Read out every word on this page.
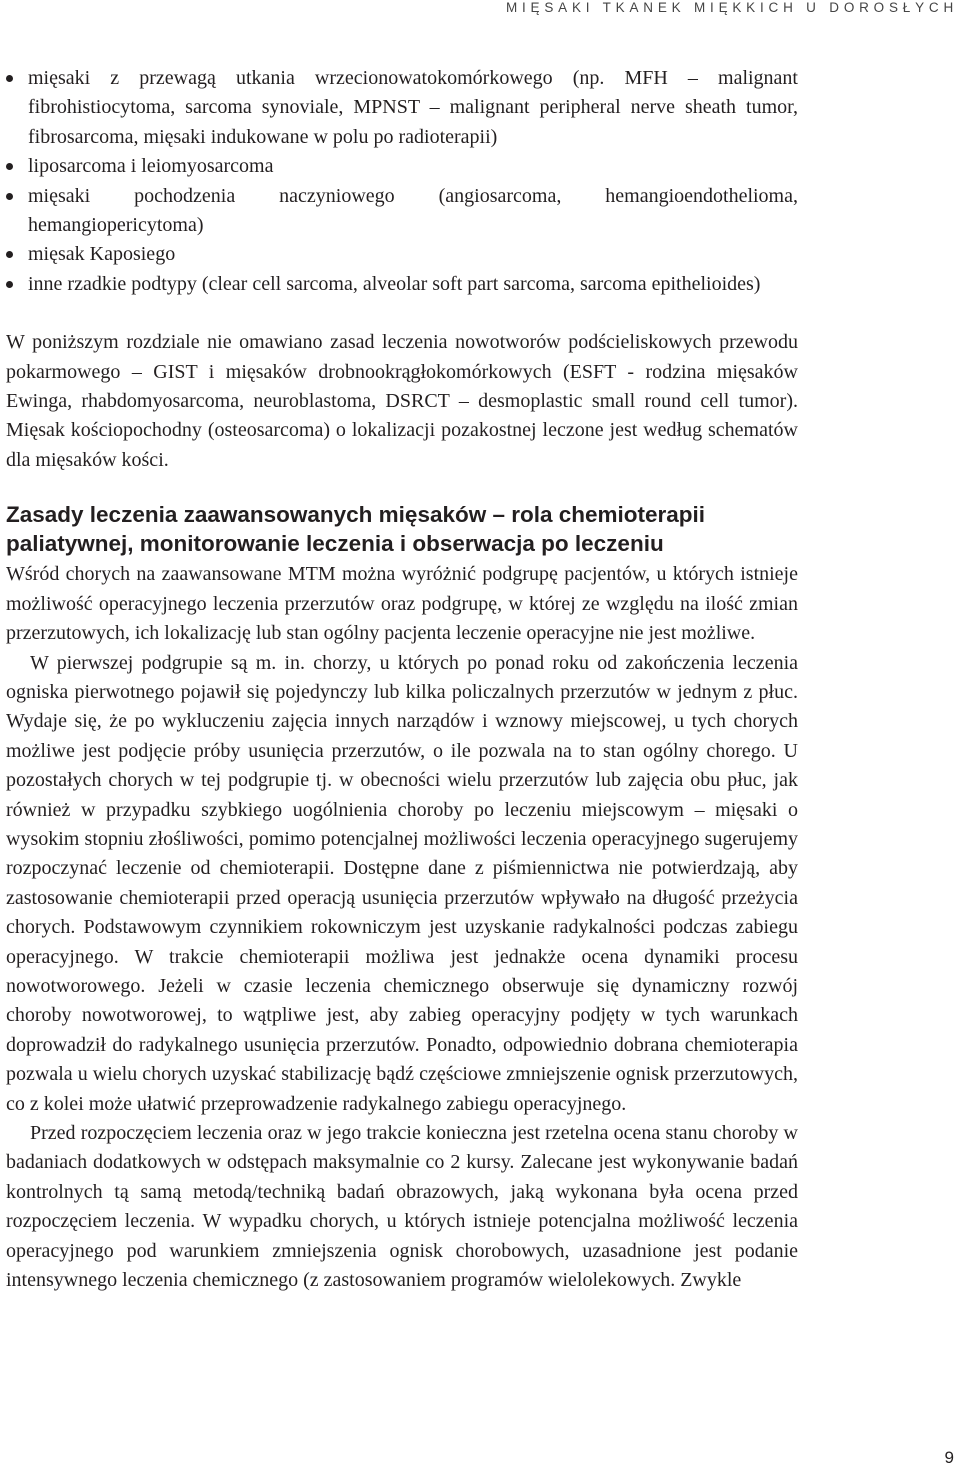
MIĘSAKI TKANEK MIĘKKICH U DOROSŁYCH
mięsaki z przewagą utkania wrzecionowatokomórkowego (np. MFH – malignant fibrohistiocytoma, sarcoma synoviale, MPNST – malignant peripheral nerve sheath tumor, fibrosarcoma, mięsaki indukowane w polu po radioterapii)
liposarcoma i leiomyosarcoma
mięsaki pochodzenia naczyniowego (angiosarcoma, hemangioendothelioma, hemangiopericytoma)
mięsak Kaposiego
inne rzadkie podtypy (clear cell sarcoma, alveolar soft part sarcoma, sarcoma epithelioides)

W poniższym rozdziale nie omawiano zasad leczenia nowotworów podścieliskowych przewodu pokarmowego – GIST i mięsaków drobnookrągłokomórkowych (ESFT - rodzina mięsaków Ewinga, rhabdomyosarcoma, neuroblastoma, DSRCT – desmoplastic small round cell tumor). Mięsak kościopochodny (osteosarcoma) o lokalizacji pozakostnej leczone jest według schematów dla mięsaków kości.

Zasady leczenia zaawansowanych mięsaków – rola chemioterapii paliatywnej, monitorowanie leczenia i obserwacja po leczeniu

Wśród chorych na zaawansowane MTM można wyróżnić podgrupę pacjentów, u których istnieje możliwość operacyjnego leczenia przerzutów oraz podgrupę, w której ze względu na ilość zmian przerzutowych, ich lokalizację lub stan ogólny pacjenta leczenie operacyjne nie jest możliwe.

W pierwszej podgrupie są m. in. chorzy, u których po ponad roku od zakończenia leczenia ogniska pierwotnego pojawił się pojedynczy lub kilka policzalnych przerzutów w jednym z płuc. Wydaje się, że po wykluczeniu zajęcia innych narządów i wznowy miejscowej, u tych chorych możliwe jest podjęcie próby usunięcia przerzutów, o ile pozwala na to stan ogólny chorego. U pozostałych chorych w tej podgrupie tj. w obecności wielu przerzutów lub zajęcia obu płuc, jak również w przypadku szybkiego uogólnienia choroby po leczeniu miejscowym – mięsaki o wysokim stopniu złośliwości, pomimo potencjalnej możliwości leczenia operacyjnego sugerujemy rozpoczynać leczenie od chemioterapii. Dostępne dane z piśmiennictwa nie potwierdzają, aby zastosowanie chemioterapii przed operacją usunięcia przerzutów wpływało na długość przeżycia chorych. Podstawowym czynnikiem rokowniczym jest uzyskanie radykalności podczas zabiegu operacyjnego. W trakcie chemioterapii możliwa jest jednakże ocena dynamiki procesu nowotworowego. Jeżeli w czasie leczenia chemicznego obserwuje się dynamiczny rozwój choroby nowotworowej, to wątpliwe jest, aby zabieg operacyjny podjęty w tych warunkach doprowadził do radykalnego usunięcia przerzutów. Ponadto, odpowiednio dobrana chemioterapia pozwala u wielu chorych uzyskać stabilizację bądź częściowe zmniejszenie ognisk przerzutowych, co z kolei może ułatwić przeprowadzenie radykalnego zabiegu operacyjnego.

Przed rozpoczęciem leczenia oraz w jego trakcie konieczna jest rzetelna ocena stanu choroby w badaniach dodatkowych w odstępach maksymalnie co 2 kursy. Zalecane jest wykonywanie badań kontrolnych tą samą metodą/techniką badań obrazowych, jaką wykonana była ocena przed rozpoczęciem leczenia. W wypadku chorych, u których istnieje potencjalna możliwość leczenia operacyjnego pod warunkiem zmniejszenia ognisk chorobowych, uzasadnione jest podanie intensywnego leczenia chemicznego (z zastosowaniem programów wielolekowych. Zwykle

9
